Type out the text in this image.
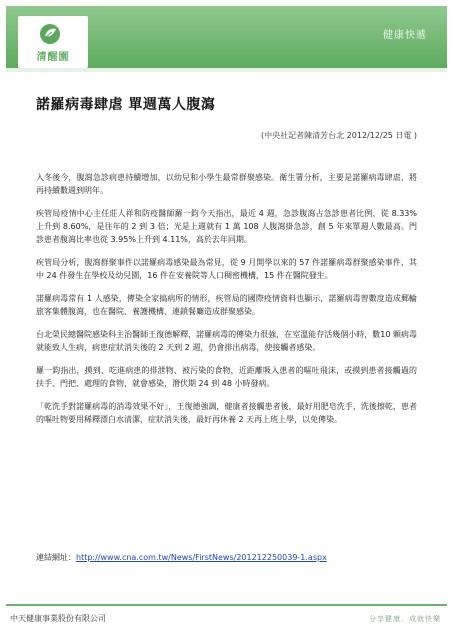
清醒園
健康快遞
諾羅病毒肆虐 單週萬人腹瀉
(中央社記者陳清芳台北 2012/12/25 日電 )

入冬後今，腹瀉急診病患持續增加，以幼兒和小學生最常群聚感染。衛生署分析，主要是諾羅病毒肆虐，將再持續數週到明年。

疾管局疫情中心主任莊人祥和防疫醫師羅一鈞今天指出，最近 4 週，急診腹瀉占急診患者比例，從 8.33%上升到 8.60%，是往年的 2 到 3 倍；光是上週就有 1 萬 108 人腹瀉掛急診，創 5 年來單週人數最高。門診患者腹瀉比率也從 3.95%上升到 4.11%，高於去年同期。

疾管局分析，腹瀉群聚事件以諾羅病毒感染最為常見，從 9 月開學以來的 57 件諾羅病毒群聚感染事件，其中 24 件發生在學校及幼兒園，16 件在安養院等人口稠密機構，15 件在醫院發生。

諾羅病毒常有 1 人感染，傳染全家搞病所的情形，疾管局的國際疫情資料也顯示，諾羅病毒曾數度造成郵輪旅客集體腹瀉，也在醫院、養護機構、連鎖餐廳造成群聚感染。

台北榮民總醫院感染科主治醫師王復德解釋，諾羅病毒的傳染力很強，在室溫能存活幾個小時，數10 顆病毒就能致人生病，病患症狀消失後的 2 天到 2 週，仍會排出病毒，使接觸者感染。

羅一鈞指出，摸到、吃進病患的排泄物、被污染的食物，近距離吸入患者的嘔吐飛沫，或摸到患者接觸過的扶手、門把、處理的食物，就會感染，潛伏期 24 到 48 小時發病。

「乾洗手對諾羅病毒的消毒效果不好」，王復德強調，健康者接觸患者後，最好用肥皂洗手，洗後擦乾，患者的嘔吐物要用稀釋漂白水清潔，症狀消失後，最好再休養 2 天再上班上學，以免傳染。

連結網址：http://www.cna.com.tw/News/FirstNews/201212250039-1.aspx
中天健康事業股份有限公司	分享健康．成就快樂
